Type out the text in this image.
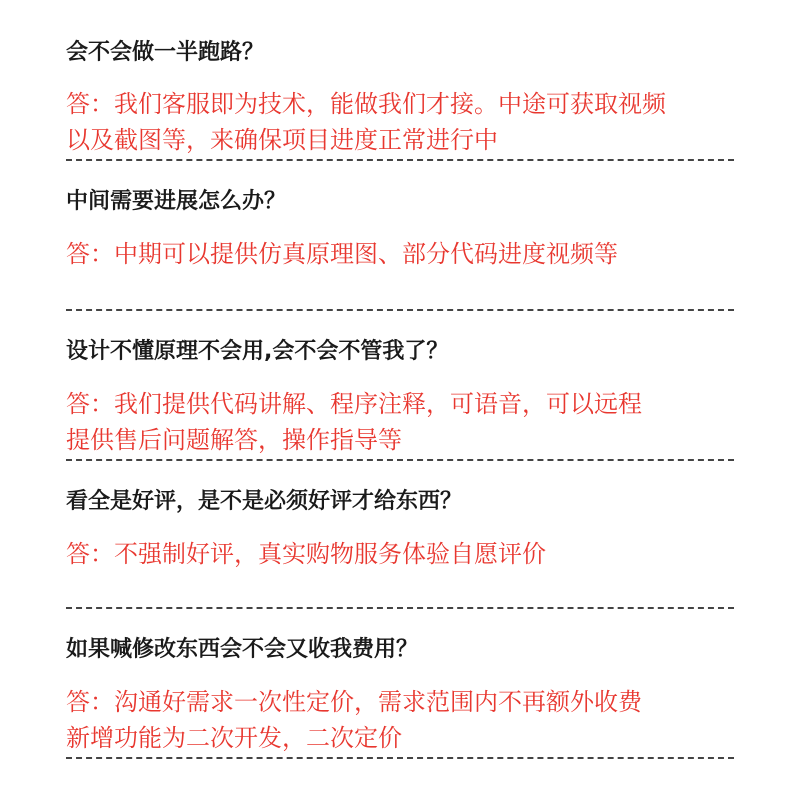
会不会做一半跑路？
答：我们客服即为技术，能做我们才接。中途可获取视频
以及截图等，来确保项目进度正常进行中
中间需要进展怎么办？
答：中期可以提供仿真原理图、部分代码进度视频等
设计不懂原理不会用,会不会不管我了？
答：我们提供代码讲解、程序注释，可语音，可以远程
提供售后问题解答，操作指导等
看全是好评，是不是必须好评才给东西？
答：不强制好评，真实购物服务体验自愿评价
如果喊修改东西会不会又收我费用？
答：沟通好需求一次性定价，需求范围内不再额外收费
新增功能为二次开发，二次定价
